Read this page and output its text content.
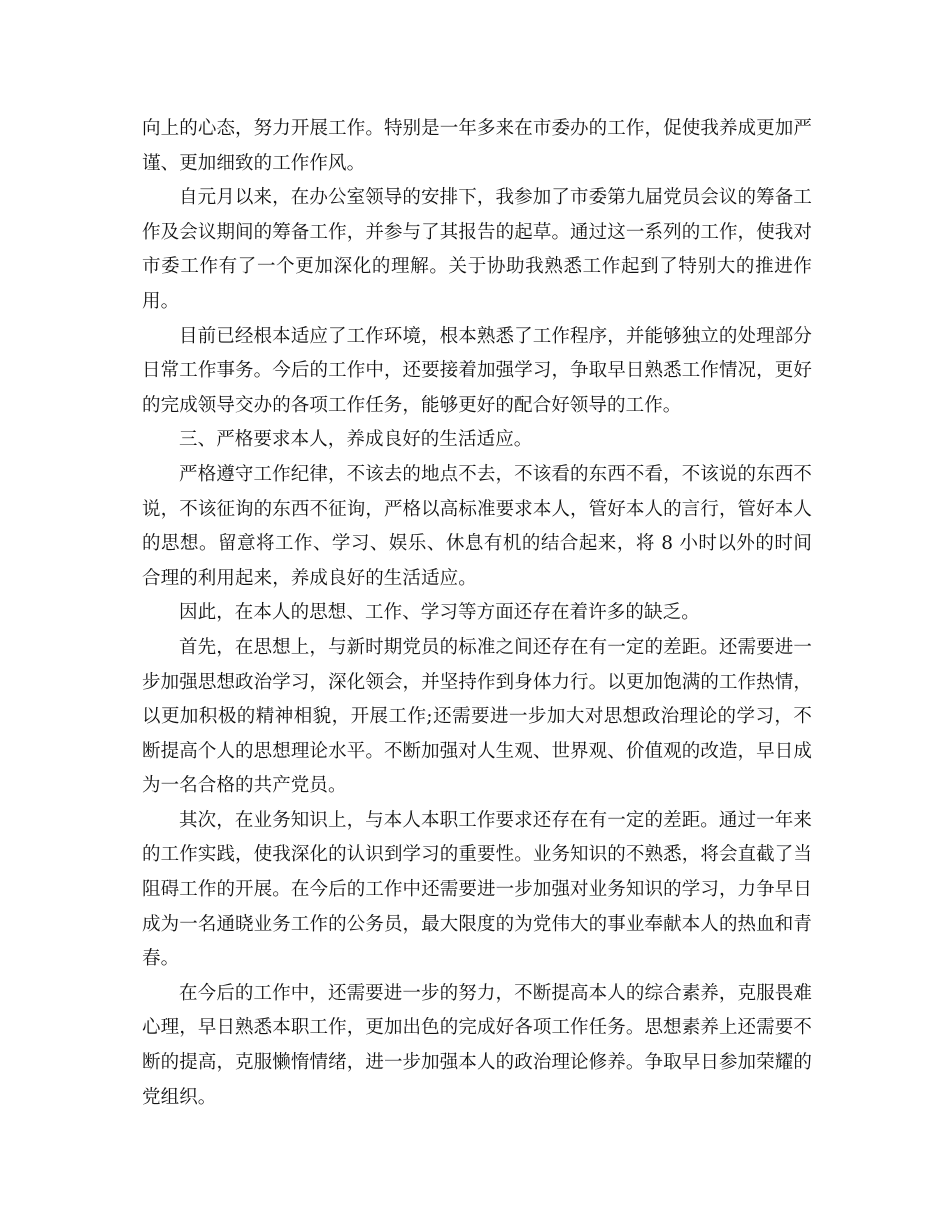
向上的心态，努力开展工作。特别是一年多来在市委办的工作，促使我养成更加严谨、更加细致的工作作风。

自元月以来，在办公室领导的安排下，我参加了市委第九届党员会议的筹备工作及会议期间的筹备工作，并参与了其报告的起草。通过这一系列的工作，使我对市委工作有了一个更加深化的理解。关于协助我熟悉工作起到了特别大的推进作用。

目前已经根本适应了工作环境，根本熟悉了工作程序，并能够独立的处理部分日常工作事务。今后的工作中，还要接着加强学习，争取早日熟悉工作情况，更好的完成领导交办的各项工作任务，能够更好的配合好领导的工作。

三、严格要求本人，养成良好的生活适应。

严格遵守工作纪律，不该去的地点不去，不该看的东西不看，不该说的东西不说，不该征询的东西不征询，严格以高标准要求本人，管好本人的言行，管好本人的思想。留意将工作、学习、娱乐、休息有机的结合起来，将 8 小时以外的时间合理的利用起来，养成良好的生活适应。

因此，在本人的思想、工作、学习等方面还存在着许多的缺乏。

首先，在思想上，与新时期党员的标准之间还存在有一定的差距。还需要进一步加强思想政治学习，深化领会，并坚持作到身体力行。以更加饱满的工作热情，以更加积极的精神相貌，开展工作;还需要进一步加大对思想政治理论的学习，不断提高个人的思想理论水平。不断加强对人生观、世界观、价值观的改造，早日成为一名合格的共产党员。

其次，在业务知识上，与本人本职工作要求还存在有一定的差距。通过一年来的工作实践，使我深化的认识到学习的重要性。业务知识的不熟悉，将会直截了当阻碍工作的开展。在今后的工作中还需要进一步加强对业务知识的学习，力争早日成为一名通晓业务工作的公务员，最大限度的为党伟大的事业奉献本人的热血和青春。

在今后的工作中，还需要进一步的努力，不断提高本人的综合素养，克服畏难心理，早日熟悉本职工作，更加出色的完成好各项工作任务。思想素养上还需要不断的提高，克服懒惰情绪，进一步加强本人的政治理论修养。争取早日参加荣耀的党组织。
